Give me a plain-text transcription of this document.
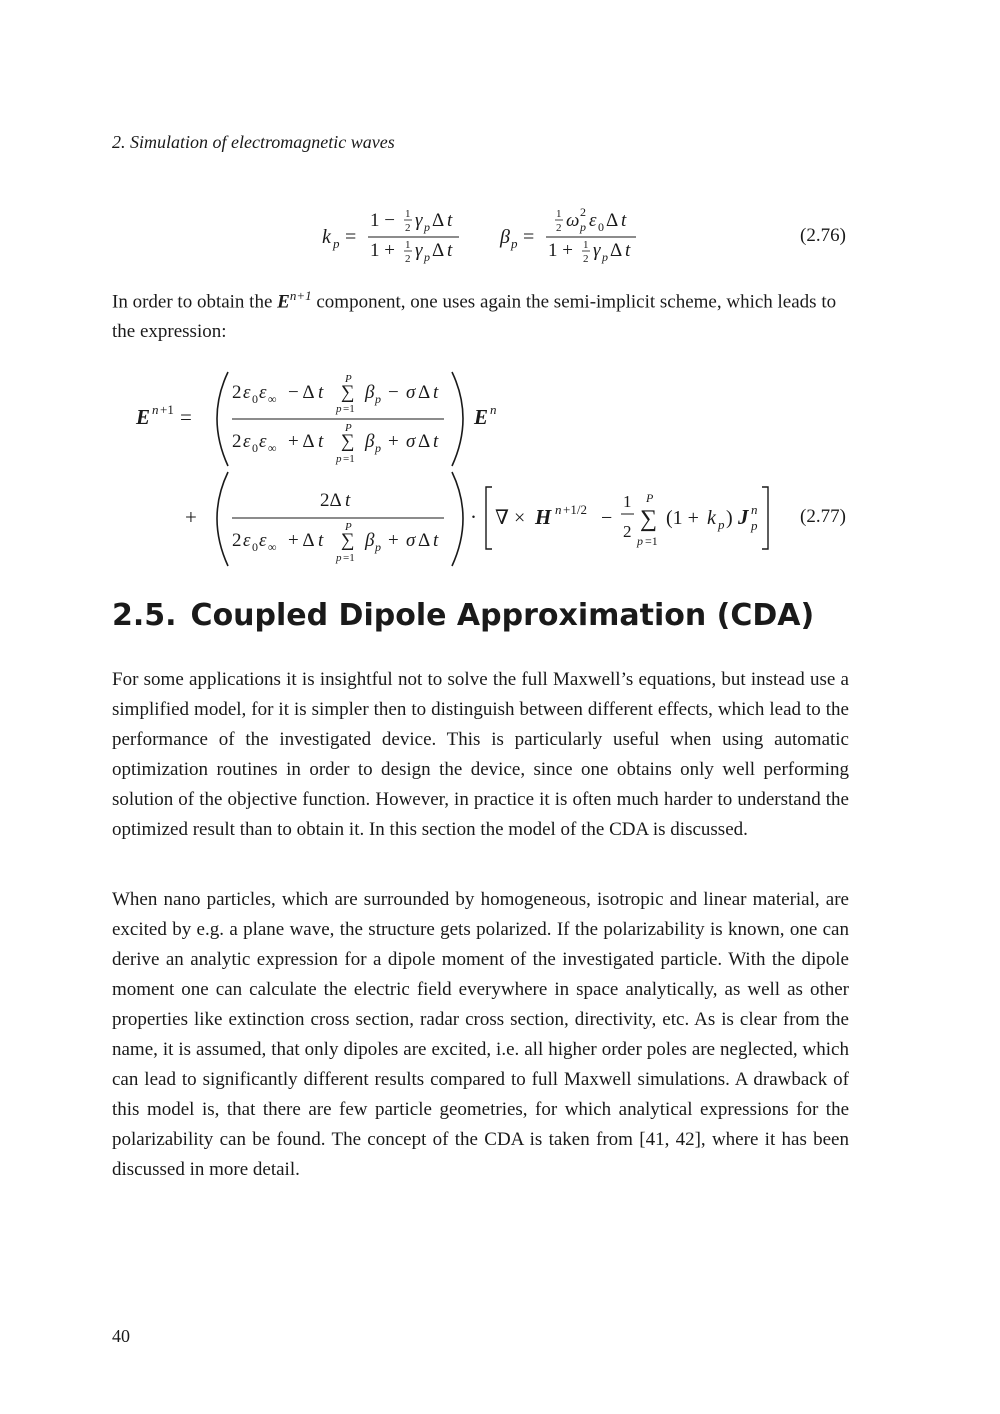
2. Simulation of electromagnetic waves
k p =
1 − 1
2 γ p Δ t
1 + 1
2 γ p Δ t
β p =
1
2 ω 2
p ε 0 Δ t
1 + 1
2 γ p Δ t
(2.76)
In order to obtain the $E^{n+1}$ component, one uses again the semi-implicit scheme, which leads to the expression:
E n +1 =
2 ε 0 ε ∞ − Δ t
P
∑
p =1
β p − σ Δ t
2 ε 0 ε ∞ + Δ t
P
∑
p =1
β p + σ Δ t
E n
+
2Δ t
2 ε 0 ε ∞ + Δ t
P
∑
p =1
β p + σ Δ t
· ∇ × H n +1/2 −
1
2
P
∑
p =1
(1 + k p ) J n
p (2.77)
2.5. Coupled Dipole Approximation (CDA)
For some applications it is insightful not to solve the full Maxwell’s equations, but instead use a simplified model, for it is simpler then to distinguish between different effects, which lead to the performance of the investigated device. This is particularly useful when using automatic optimization routines in order to design the device, since one obtains only well performing solution of the objective function. However, in practice it is often much harder to understand the optimized result than to obtain it. In this section the model of the CDA is discussed.
When nano particles, which are surrounded by homogeneous, isotropic and linear material, are excited by e.g. a plane wave, the structure gets polarized. If the polarizability is known, one can derive an analytic expression for a dipole moment of the investigated particle. With the dipole moment one can calculate the electric field everywhere in space analytically, as well as other properties like extinction cross section, radar cross section, directivity, etc. As is clear from the name, it is assumed, that only dipoles are excited, i.e. all higher order poles are neglected, which can lead to significantly different results compared to full Maxwell simulations. A drawback of this model is, that there are few particle geometries, for which analytical expressions for the polarizability can be found. The concept of the CDA is taken from [41, 42], where it has been discussed in more detail.
40
